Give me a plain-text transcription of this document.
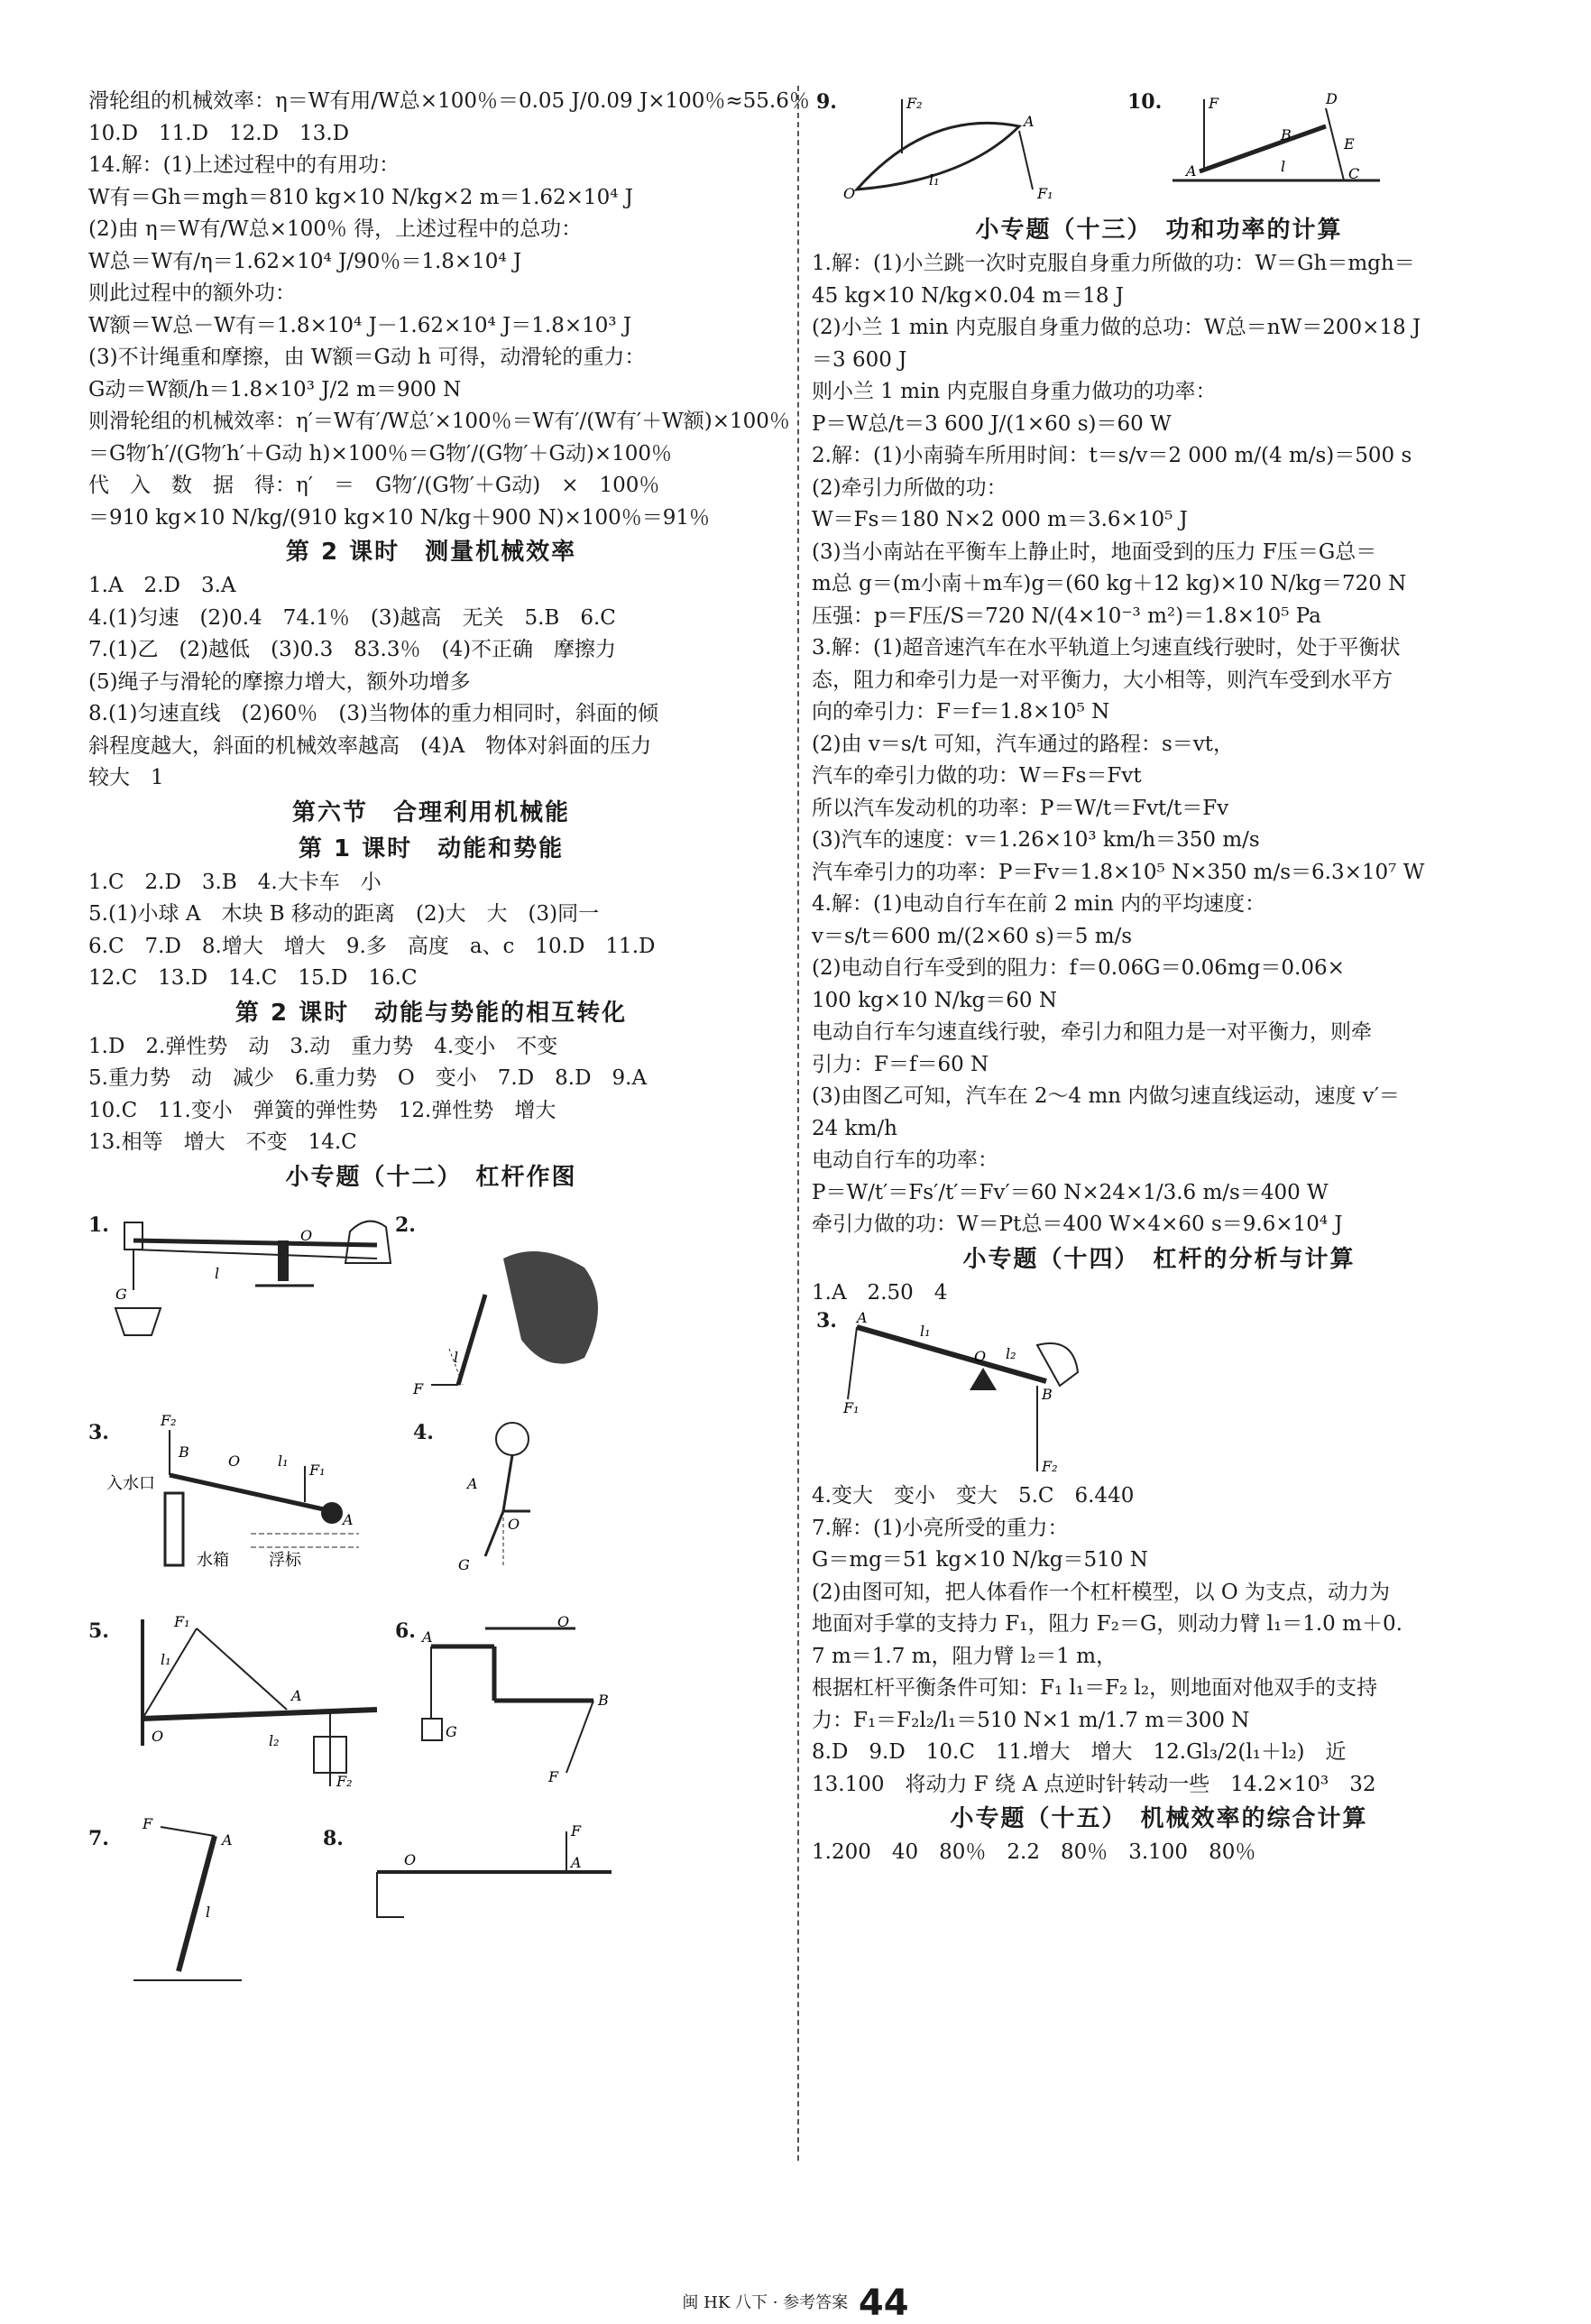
滑轮组的机械效率：η＝W有用/W总×100％＝0.05 J/0.09 J×100％≈55.6％
10.D　11.D　12.D　13.D
14.解：(1)上述过程中的有用功：
W有＝Gh＝mgh＝810 kg×10 N/kg×2 m＝1.62×10⁴ J
(2)由 η＝W有/W总×100％ 得，上述过程中的总功：
W总＝W有/η＝1.62×10⁴ J/90％＝1.8×10⁴ J
则此过程中的额外功：
W额＝W总－W有＝1.8×10⁴ J－1.62×10⁴ J＝1.8×10³ J
(3)不计绳重和摩擦，由 W额＝G动 h 可得，动滑轮的重力：
G动＝W额/h＝1.8×10³ J/2 m＝900 N
则滑轮组的机械效率：η′＝W有′/W总′×100％＝W有′/(W有′＋W额)×100％
＝G物′h′/(G物′h′＋G动 h)×100％＝G物′/(G物′＋G动)×100％
代　入　数　据　得：η′　＝　G物′/(G物′＋G动)　×　100％
＝910 kg×10 N/kg/(910 kg×10 N/kg＋900 N)×100％＝91％
第 2 课时　测量机械效率
1.A　2.D　3.A
4.(1)匀速　(2)0.4　74.1％　(3)越高　无关　5.B　6.C
7.(1)乙　(2)越低　(3)0.3　83.3％　(4)不正确　摩擦力
(5)绳子与滑轮的摩擦力增大，额外功增多
8.(1)匀速直线　(2)60％　(3)当物体的重力相同时，斜面的倾
斜程度越大，斜面的机械效率越高　(4)A　物体对斜面的压力
较大　1
第六节　合理利用机械能
第 1 课时　动能和势能
1.C　2.D　3.B　4.大卡车　小
5.(1)小球 A　木块 B 移动的距离　(2)大　大　(3)同一
6.C　7.D　8.增大　增大　9.多　高度　a、c　10.D　11.D
12.C　13.D　14.C　15.D　16.C
第 2 课时　动能与势能的相互转化
1.D　2.弹性势　动　3.动　重力势　4.变小　不变
5.重力势　动　减少　6.重力势　O　变小　7.D　8.D　9.A
10.C　11.变小　弹簧的弹性势　12.弹性势　增大
13.相等　增大　不变　14.C
小专题（十二）　杠杆作图
1.	O
G
l
2.
F
l
3.
F₂
B
O	l₁
F₁
A
入水口
水箱 浮标
4.
A
O
G
5.	F₁
l₁
A
O	l₂
F₂
6.	O
A
B
G
F
7.
F
A
l
8.
O
F
A
9.
O
A
F₂
F₁
l₁
10.
A
F	D
E
C
B
l
小专题（十三）　功和功率的计算
1.解：(1)小兰跳一次时克服自身重力所做的功：W＝Gh＝mgh＝
45 kg×10 N/kg×0.04 m＝18 J
(2)小兰 1 min 内克服自身重力做的总功：W总＝nW＝200×18 J
＝3 600 J
则小兰 1 min 内克服自身重力做功的功率：
P＝W总/t＝3 600 J/(1×60 s)＝60 W
2.解：(1)小南骑车所用时间：t＝s/v＝2 000 m/(4 m/s)＝500 s
(2)牵引力所做的功：
W＝Fs＝180 N×2 000 m＝3.6×10⁵ J
(3)当小南站在平衡车上静止时，地面受到的压力 F压＝G总＝
m总 g＝(m小南＋m车)g＝(60 kg＋12 kg)×10 N/kg＝720 N
压强：p＝F压/S＝720 N/(4×10⁻³ m²)＝1.8×10⁵ Pa
3.解：(1)超音速汽车在水平轨道上匀速直线行驶时，处于平衡状
态，阻力和牵引力是一对平衡力，大小相等，则汽车受到水平方
向的牵引力：F＝f＝1.8×10⁵ N
(2)由 v＝s/t 可知，汽车通过的路程：s＝vt，
汽车的牵引力做的功：W＝Fs＝Fvt
所以汽车发动机的功率：P＝W/t＝Fvt/t＝Fv
(3)汽车的速度：v＝1.26×10³ km/h＝350 m/s
汽车牵引力的功率：P＝Fv＝1.8×10⁵ N×350 m/s＝6.3×10⁷ W
4.解：(1)电动自行车在前 2 min 内的平均速度：
v＝s/t＝600 m/(2×60 s)＝5 m/s
(2)电动自行车受到的阻力：f＝0.06G＝0.06mg＝0.06×
100 kg×10 N/kg＝60 N
电动自行车匀速直线行驶，牵引力和阻力是一对平衡力，则牵
引力：F＝f＝60 N
(3)由图乙可知，汽车在 2～4 mn 内做匀速直线运动，速度 v′＝
24 km/h
电动自行车的功率：
P＝W/t′＝Fs′/t′＝Fv′＝60 N×24×1/3.6 m/s＝400 W
牵引力做的功：W＝Pt总＝400 W×4×60 s＝9.6×10⁴ J
小专题（十四）　杠杆的分析与计算
1.A　2.50　4
3. A
l₁
O l₂
F₁
B
F₂
4.变大　变小　变大　5.C　6.440
7.解：(1)小亮所受的重力：
G＝mg＝51 kg×10 N/kg＝510 N
(2)由图可知，把人体看作一个杠杆模型，以 O 为支点，动力为
地面对手掌的支持力 F₁，阻力 F₂＝G，则动力臂 l₁＝1.0 m＋0.
7 m＝1.7 m，阻力臂 l₂＝1 m，
根据杠杆平衡条件可知：F₁ l₁＝F₂ l₂，则地面对他双手的支持
力：F₁＝F₂l₂/l₁＝510 N×1 m/1.7 m＝300 N
8.D　9.D　10.C　11.增大　增大　12.Gl₃/2(l₁＋l₂)　近
13.100　将动力 F 绕 A 点逆时针转动一些　14.2×10³　32
小专题（十五）　机械效率的综合计算
1.200　40　80％　2.2　80％　3.100　80％
闽 HK 八下 · 参考答案 44
